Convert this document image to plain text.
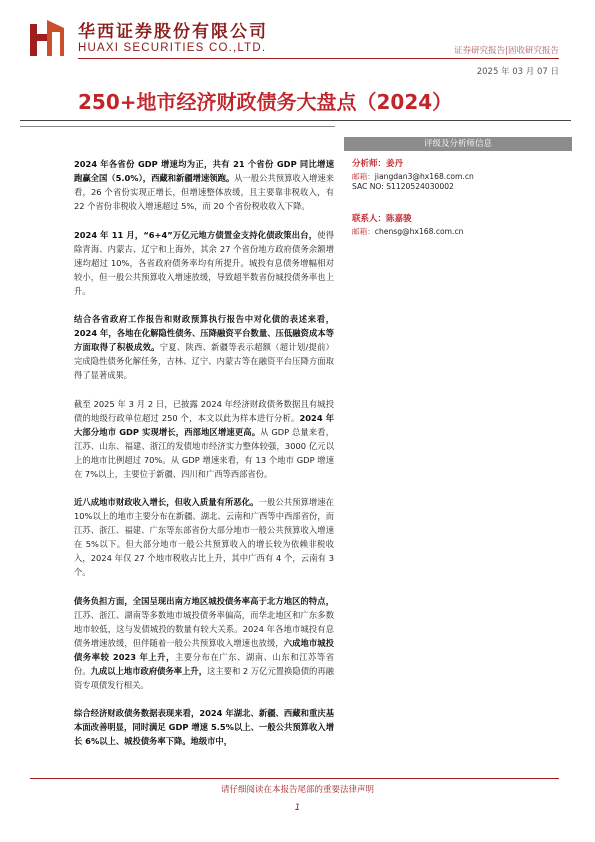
华西证券股份有限公司
HUAXI SECURITIES CO.,LTD.	证券研究报告|固收研究报告
2025 年 03 月 07 日
250+地市经济财政债务大盘点（2024）

2024 年各省份 GDP 增速均为正，共有 21 个省份 GDP 同比增速跑赢全国（5.0%），西藏和新疆增速领跑。从一般公共预算收入增速来看，26 个省份实现正增长，但增速整体放缓，且主要靠非税收入，有 22 个省份非税收入增速超过 5%，而 20 个省份税收收入下降。

2024 年 11 月，“6+4”万亿元地方债置金支持化债政策出台，使得除青海、内蒙古、辽宁和上海外，其余 27 个省份地方政府债务余额增速均超过 10%，各省政府债务率均有所提升。城投有息债务增幅相对较小，但一般公共预算收入增速放缓，导致超半数省份城投债务率也上升。

结合各省政府工作报告和财政预算执行报告中对化债的表述来看，2024 年，各地在化解隐性债务、压降融资平台数量、压低融资成本等方面取得了积极成效。宁夏、陕西、新疆等表示超额（超计划/提前）完成隐性债务化解任务，吉林、辽宁、内蒙古等在融资平台压降方面取得了显著成果。

截至 2025 年 3 月 2 日，已披露 2024 年经济财政债务数据且有城投债的地级行政单位超过 250 个，本文以此为样本进行分析。2024 年大部分地市 GDP 实现增长，西部地区增速更高。从 GDP 总量来看，江苏、山东、福建、浙江的发债地市经济实力整体较强，3000 亿元以上的地市比例超过 70%。从 GDP 增速来看，有 13 个地市 GDP 增速在 7%以上，主要位于新疆、四川和广西等西部省份。

近八成地市财政收入增长，但收入质量有所恶化。一般公共预算增速在 10%以上的地市主要分布在新疆、湖北、云南和广西等中西部省份，而江苏、浙江、福建、广东等东部省份大部分地市一般公共预算收入增速在 5%以下。但大部分地市一般公共预算收入的增长较为依赖非税收入，2024 年仅 27 个地市税收占比上升，其中广西有 4 个，云南有 3 个。

债务负担方面，全国呈现出南方地区城投债务率高于北方地区的特点，江苏、浙江、湖南等多数地市城投债务率偏高，而华北地区和广东多数地市较低，这与发债城投的数量有较大关系。2024 年各地市城投有息债务增速放缓，但伴随着一般公共预算收入增速也放缓，六成地市城投债务率较 2023 年上升，主要分布在广东、湖南、山东和江苏等省份。九成以上地市政府债务率上升，这主要和 2 万亿元置换隐债的再融资专项债发行相关。

综合经济财政债务数据表现来看，2024 年湖北、新疆、西藏和重庆基本面改善明显，同时满足 GDP 增速 5.5%以上、一般公共预算收入增长 6%以上、城投债务率下降。地级市中，

评级及分析师信息
分析师：姜丹
邮箱：jiangdan3@hx168.com.cn
SAC NO: S1120524030002
联系人：陈嘉骏
邮箱：chensg@hx168.com.cn
请仔细阅读在本报告尾部的重要法律声明
1
